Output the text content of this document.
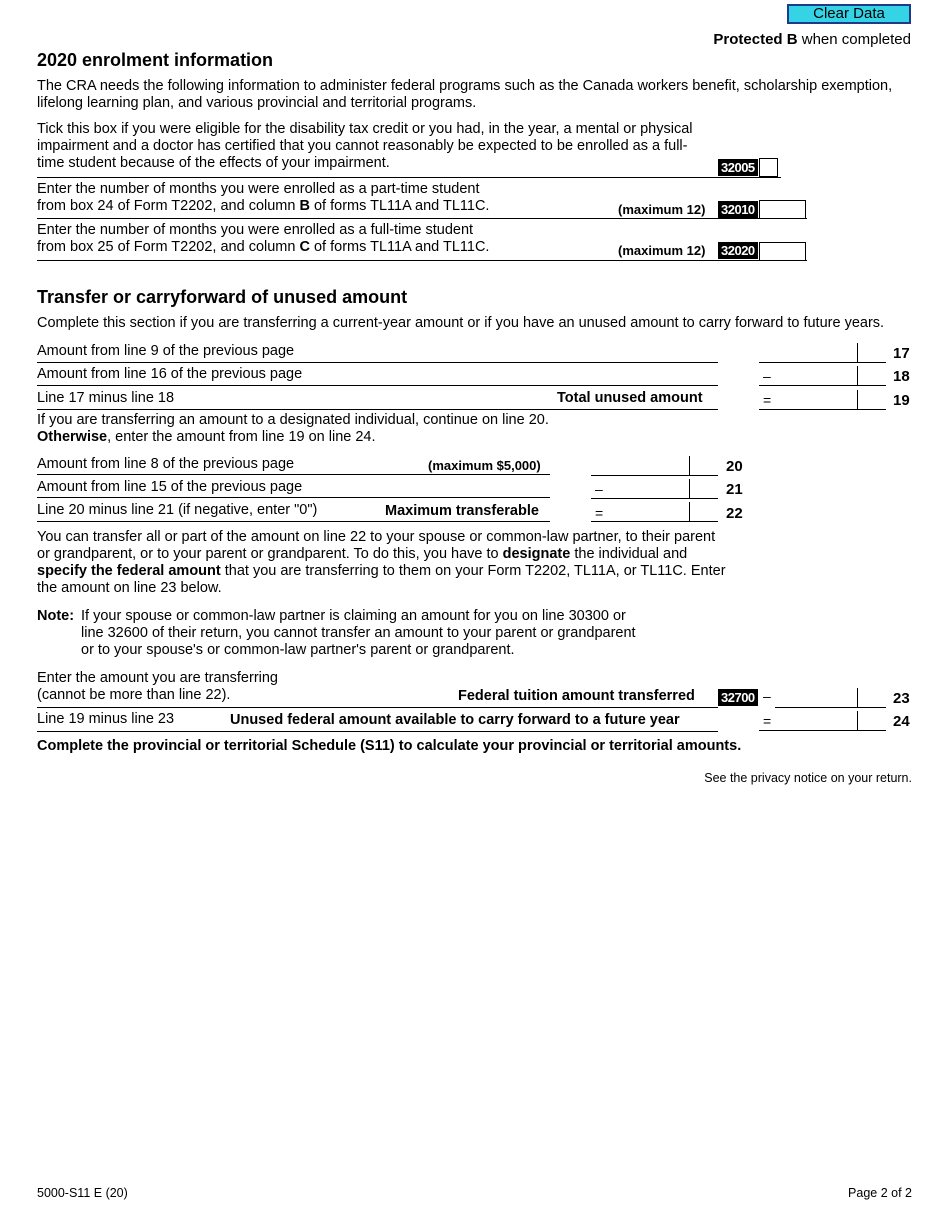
Clear Data
Protected B when completed
2020 enrolment information
The CRA needs the following information to administer federal programs such as the Canada workers benefit, scholarship exemption, lifelong learning plan, and various provincial and territorial programs.
Tick this box if you were eligible for the disability tax credit or you had, in the year, a mental or physical impairment and a doctor has certified that you cannot reasonably be expected to be enrolled as a full-time student because of the effects of your impairment.	32005
Enter the number of months you were enrolled as a part-time student
from box 24 of Form T2202, and column B of forms TL11A and TL11C.	(maximum 12) 32010
Enter the number of months you were enrolled as a full-time student
from box 25 of Form T2202, and column C of forms TL11A and TL11C.	(maximum 12) 32020
Transfer or carryforward of unused amount
Complete this section if you are transferring a current-year amount or if you have an unused amount to carry forward to future years.
Amount from line 9 of the previous page	17
Amount from line 16 of the previous page	–	18
Line 17 minus line 18	Total unused amount	=	19
If you are transferring an amount to a designated individual, continue on line 20.
Otherwise, enter the amount from line 19 on line 24.
Amount from line 8 of the previous page	(maximum $5,000)	20
Amount from line 15 of the previous page	–	21
Line 20 minus line 21 (if negative, enter "0")	Maximum transferable	=	22
You can transfer all or part of the amount on line 22 to your spouse or common-law partner, to their parent or grandparent, or to your parent or grandparent. To do this, you have to designate the individual and specify the federal amount that you are transferring to them on your Form T2202, TL11A, or TL11C. Enter the amount on line 23 below.
Note: If your spouse or common-law partner is claiming an amount for you on line 30300 or
line 32600 of their return, you cannot transfer an amount to your parent or grandparent
or to your spouse's or common-law partner's parent or grandparent.
Enter the amount you are transferring
(cannot be more than line 22).	Federal tuition amount transferred 32700 –	23
Line 19 minus line 23	Unused federal amount available to carry forward to a future year	=	24
Complete the provincial or territorial Schedule (S11) to calculate your provincial or territorial amounts.
See the privacy notice on your return.
5000-S11 E (20)	Page 2 of 2
